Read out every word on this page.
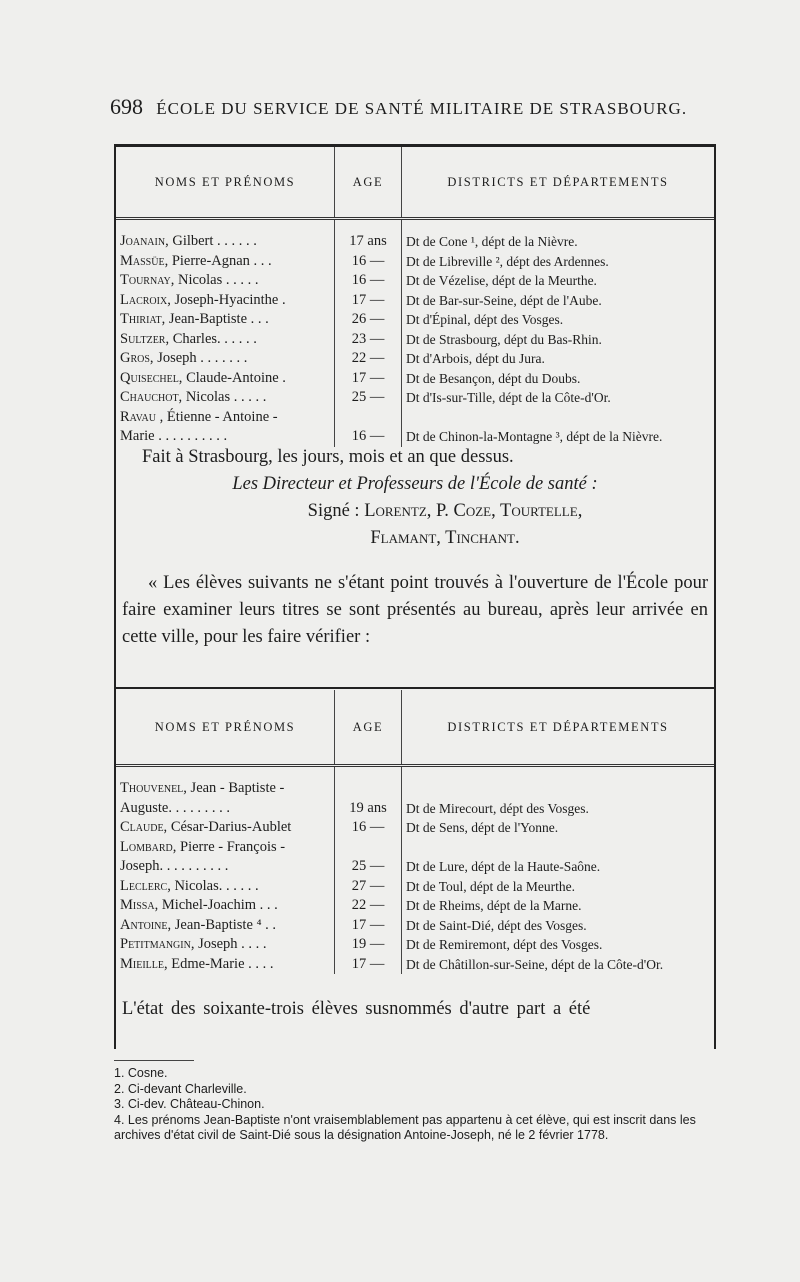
698 ÉCOLE DU SERVICE DE SANTÉ MILITAIRE DE STRASBOURG.
NOMS ET PRÉNOMS	AGE	DISTRICTS ET DÉPARTEMENTS

Joanain, Gilbert . . . . . .	17 ans	Dt de Cone ¹, dépt de la Nièvre.
Massüe, Pierre-Agnan . . .	16 —	Dt de Libreville ², dépt des Ardennes.
Tournay, Nicolas . . . . .	16 —	Dt de Vézelise, dépt de la Meurthe.
Lacroix, Joseph-Hyacinthe .	17 —	Dt de Bar-sur-Seine, dépt de l'Aube.
Thiriat, Jean-Baptiste . . .	26 —	Dt d'Épinal, dépt des Vosges.
Sultzer, Charles. . . . . .	23 —	Dt de Strasbourg, dépt du Bas-Rhin.
Gros, Joseph . . . . . . .	22 —	Dt d'Arbois, dépt du Jura.
Quisechel, Claude-Antoine .	17 —	Dt de Besançon, dépt du Doubs.
Chauchot, Nicolas . . . . .	25 —	Dt d'Is-sur-Tille, dépt de la Côte-d'Or.
Ravau , Étienne - Antoine -		
Marie . . . . . . . . . .	16 —	Dt de Chinon-la-Montagne ³, dépt de la Nièvre.
Fait à Strasbourg, les jours, mois et an que dessus.
Les Directeur et Professeurs de l'École de santé :
Signé : Lorentz, P. Coze, Tourtelle,
Flamant, Tinchant.
« Les élèves suivants ne s'étant point trouvés à l'ouverture de l'École pour faire examiner leurs titres se sont présentés au bureau, après leur arrivée en cette ville, pour les faire vérifier :
NOMS ET PRÉNOMS	AGE	DISTRICTS ET DÉPARTEMENTS

Thouvenel, Jean - Baptiste -		
Auguste. . . . . . . . .	19 ans	Dt de Mirecourt, dépt des Vosges.
Claude, César-Darius-Aublet	16 —	Dt de Sens, dépt de l'Yonne.
Lombard, Pierre - François -		
Joseph. . . . . . . . . .	25 —	Dt de Lure, dépt de la Haute-Saône.
Leclerc, Nicolas. . . . . .	27 —	Dt de Toul, dépt de la Meurthe.
Missa, Michel-Joachim . . .	22 —	Dt de Rheims, dépt de la Marne.
Antoine, Jean-Baptiste ⁴ . .	17 —	Dt de Saint-Dié, dépt des Vosges.
Petitmangin, Joseph . . . .	19 —	Dt de Remiremont, dépt des Vosges.
Mieille, Edme-Marie . . . .	17 —	Dt de Châtillon-sur-Seine, dépt de la Côte-d'Or.
L'état des soixante-trois élèves susnommés d'autre part a été
1. Cosne.
2. Ci-devant Charleville.
3. Ci-dev. Château-Chinon.
4. Les prénoms Jean-Baptiste n'ont vraisemblablement pas appartenu à cet élève, qui est inscrit dans les archives d'état civil de Saint-Dié sous la désignation Antoine-Joseph, né le 2 février 1778.
